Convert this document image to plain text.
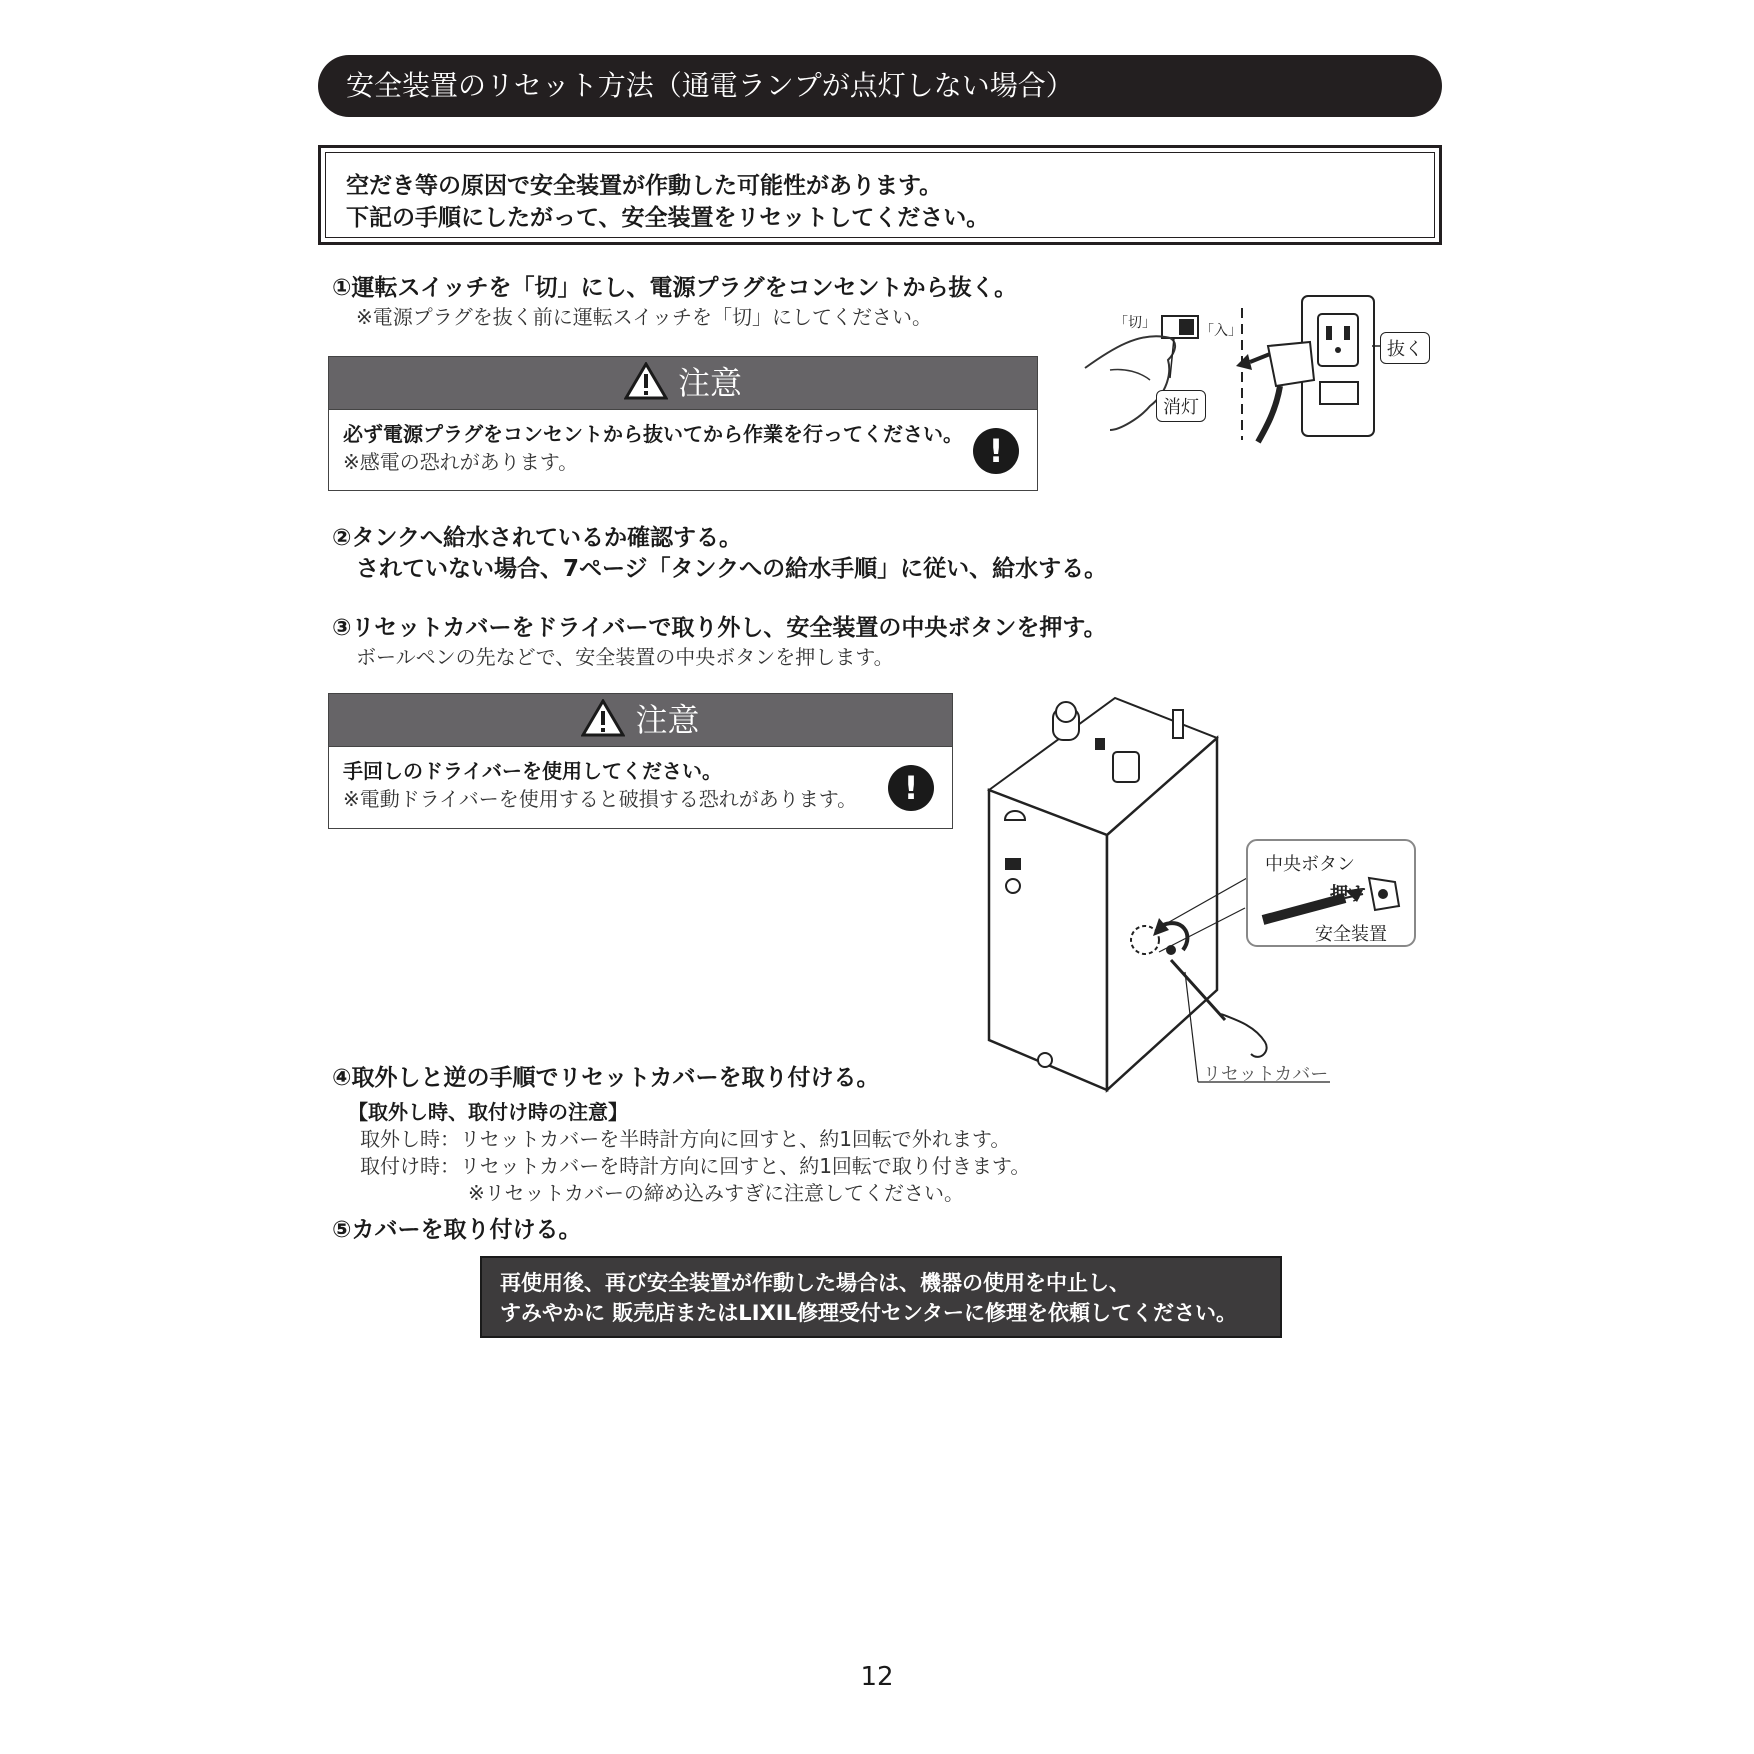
安全装置のリセット方法（通電ランプが点灯しない場合）
空だき等の原因で安全装置が作動した可能性があります。
下記の手順にしたがって、安全装置をリセットしてください。
①運転スイッチを「切」にし、電源プラグをコンセントから抜く。
※電源プラグを抜く前に運転スイッチを「切」にしてください。
注意
必ず電源プラグをコンセントから抜いてから作業を行ってください。
※感電の恐れがあります。	!
「切」	「入」
消灯
抜く
②タンクへ給水されているか確認する。
されていない場合、7ページ「タンクへの給水手順」に従い、給水する。
③リセットカバーをドライバーで取り外し、安全装置の中央ボタンを押す。
ボールペンの先などで、安全装置の中央ボタンを押します。
注意
手回しのドライバーを使用してください。
※電動ドライバーを使用すると破損する恐れがあります。	!
中央ボタン
押す
安全装置
リセットカバー
④取外しと逆の手順でリセットカバーを取り付ける。
【取外し時、取付け時の注意】
取外し時：リセットカバーを半時計方向に回すと、約1回転で外れます。
取付け時：リセットカバーを時計方向に回すと、約1回転で取り付きます。
※リセットカバーの締め込みすぎに注意してください。
⑤カバーを取り付ける。
再使用後、再び安全装置が作動した場合は、機器の使用を中止し、
すみやかに 販売店またはLIXIL修理受付センターに修理を依頼してください。
12
